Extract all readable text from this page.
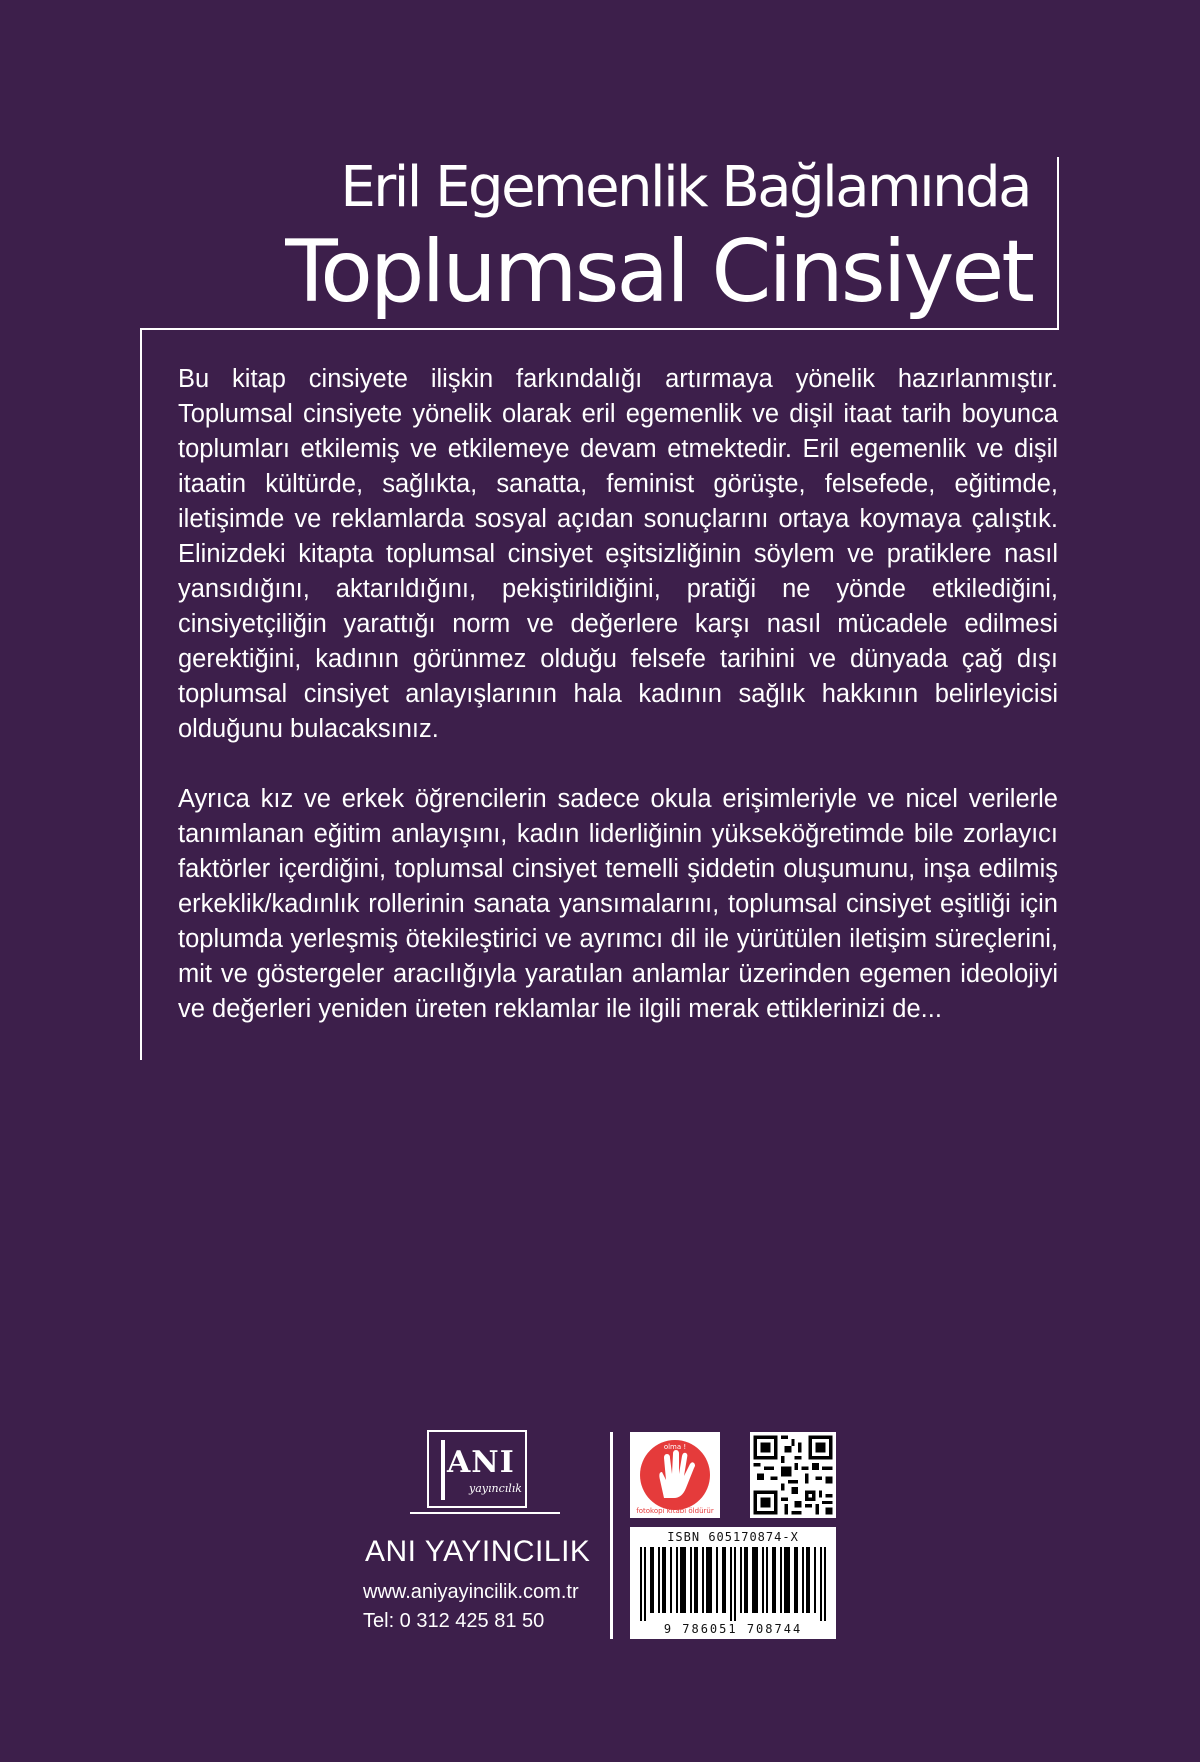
Eril Egemenlik Bağlamında
Toplumsal Cinsiyet

Bu kitap cinsiyete ilişkin farkındalığı artırmaya yönelik hazırlanmıştır. Toplumsal cinsiyete yönelik olarak eril egemenlik ve dişil itaat tarih boyunca toplumları etkilemiş ve etkilemeye devam etmektedir. Eril egemenlik ve dişil itaatin kültürde, sağlıkta, sanatta, feminist görüşte, felsefede, eğitimde, iletişimde ve reklamlarda sosyal açıdan sonuçlarını ortaya koymaya çalıştık. Elinizdeki kitapta toplumsal cinsiyet eşitsizliğinin söylem ve pratiklere nasıl yansıdığını, aktarıldığını, pekiştirildiğini, pratiği ne yönde etkilediğini, cinsiyetçiliğin yarattığı norm ve değerlere karşı nasıl mücadele edilmesi gerektiğini, kadının görünmez olduğu felsefe tarihini ve dünyada çağ dışı toplumsal cinsiyet anlayışlarının hala kadının sağlık hakkının belirleyicisi olduğunu bulacaksınız.

Ayrıca kız ve erkek öğrencilerin sadece okula erişimleriyle ve nicel verilerle tanımlanan eğitim anlayışını, kadın liderliğinin yükseköğretimde bile zorlayıcı faktörler içerdiğini, toplumsal cinsiyet temelli şiddetin oluşumunu, inşa edilmiş erkeklik/kadınlık rollerinin sanata yansımalarını, toplumsal cinsiyet eşitliği için toplumda yerleşmiş ötekileştirici ve ayrımcı dil ile yürütülen iletişim süreçlerini, mit ve göstergeler aracılığıyla yaratılan anlamlar üzerinden egemen ideolojiyi ve değerleri yeniden üreten reklamlar ile ilgili merak ettiklerinizi de...

ANI
yayıncılık
ANI YAYINCILIK
www.aniyayincilik.com.tr
Tel: 0 312 425 81 50
fotokopi ve korsana ortak olma !
fotokopi kitabı öldürür
ISBN 605170874-X
9 786051 708744
